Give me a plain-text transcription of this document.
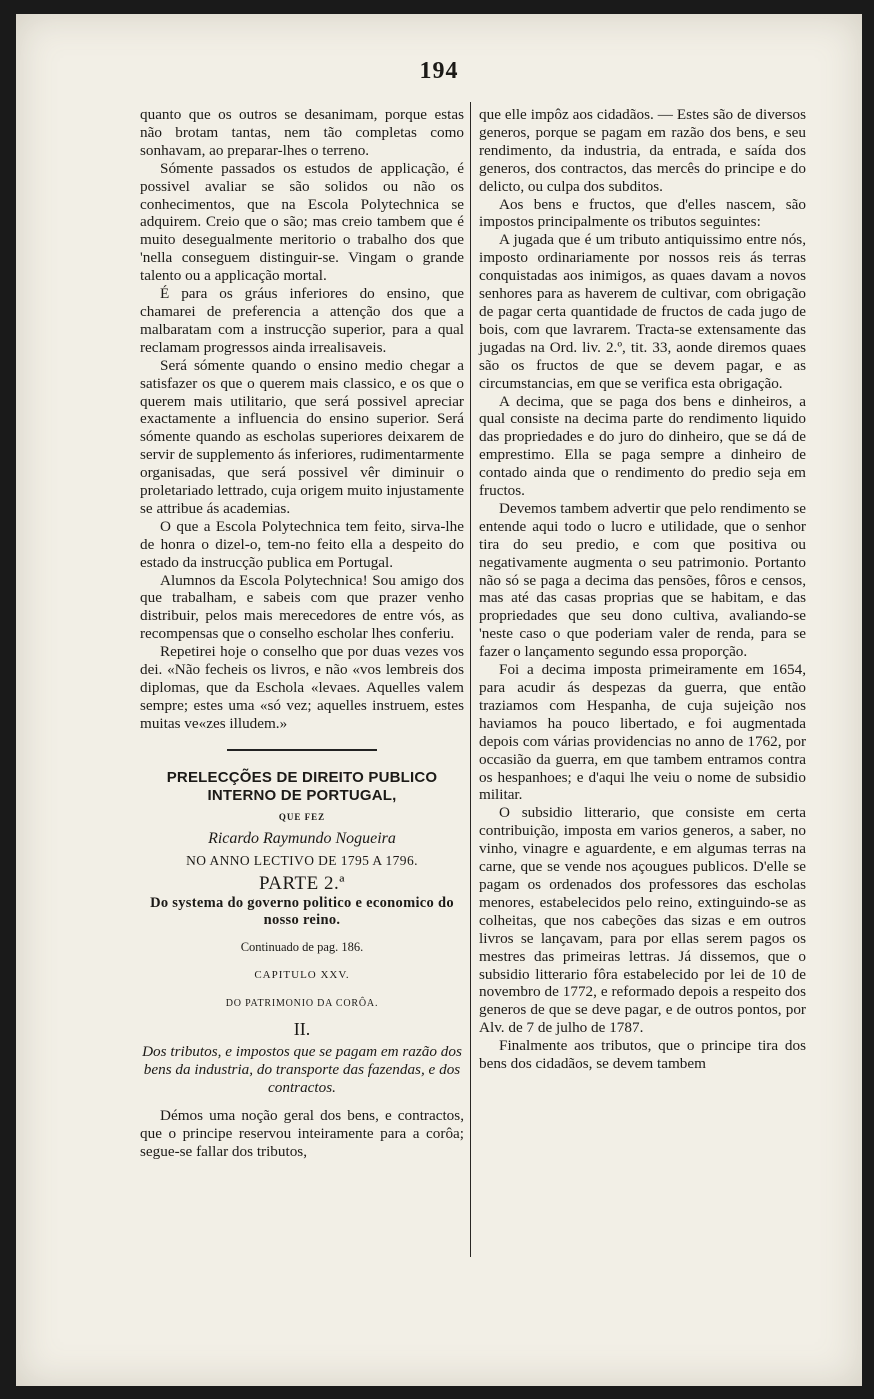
194

quanto que os outros se desanimam, porque estas não brotam tantas, nem tão completas como sonhavam, ao preparar-lhes o terreno.

Sómente passados os estudos de applicação, é possivel avaliar se são solidos ou não os conhecimentos, que na Escola Polytechnica se adquirem. Creio que o são; mas creio tambem que é muito desegualmente meritorio o trabalho dos que 'nella conseguem distinguir-se. Vingam o grande talento ou a applicação mortal.

É para os gráus inferiores do ensino, que chamarei de preferencia a attenção dos que a malbaratam com a instrucção superior, para a qual reclamam progressos ainda irrealisaveis.

Será sómente quando o ensino medio chegar a satisfazer os que o querem mais classico, e os que o querem mais utilitario, que será possivel apreciar exactamente a influencia do ensino superior. Será sómente quando as escholas superiores deixarem de servir de supplemento ás inferiores, rudimentarmente organisadas, que será possivel vêr diminuir o proletariado lettrado, cuja origem muito injustamente se attribue ás academias.

O que a Escola Polytechnica tem feito, sirva-lhe de honra o dizel-o, tem-no feito ella a despeito do estado da instrucção publica em Portugal.

Alumnos da Escola Polytechnica! Sou amigo dos que trabalham, e sabeis com que prazer venho distribuir, pelos mais merecedores de entre vós, as recompensas que o conselho escholar lhes conferiu.

Repetirei hoje o conselho que por duas vezes vos dei. «Não fecheis os livros, e não «vos lembreis dos diplomas, que da Eschola «levaes. Aquelles valem sempre; estes uma «só vez; aquelles instruem, estes muitas ve«zes illudem.»

PRELECÇÕES DE DIREITO PUBLICO INTERNO DE PORTUGAL,

QUE FEZ

Ricardo Raymundo Nogueira

NO ANNO LECTIVO DE 1795 A 1796.

PARTE 2.ª

Do systema do governo politico e economico do nosso reino.

Continuado de pag. 186.

CAPITULO XXV.

DO PATRIMONIO DA CORÔA.

II.

Dos tributos, e impostos que se pagam em razão dos bens da industria, do transporte das fazendas, e dos contractos.

Démos uma noção geral dos bens, e contractos, que o principe reservou inteiramente para a corôa; segue-se fallar dos tributos,

que elle impôz aos cidadãos. — Estes são de diversos generos, porque se pagam em razão dos bens, e seu rendimento, da industria, da entrada, e saída dos generos, dos contractos, das mercês do principe e do delicto, ou culpa dos subditos.

Aos bens e fructos, que d'elles nascem, são impostos principalmente os tributos seguintes:

A jugada que é um tributo antiquissimo entre nós, imposto ordinariamente por nossos reis ás terras conquistadas aos inimigos, as quaes davam a novos senhores para as haverem de cultivar, com obrigação de pagar certa quantidade de fructos de cada jugo de bois, com que lavrarem. Tracta-se extensamente das jugadas na Ord. liv. 2.º, tit. 33, aonde diremos quaes são os fructos de que se devem pagar, e as circumstancias, em que se verifica esta obrigação.

A decima, que se paga dos bens e dinheiros, a qual consiste na decima parte do rendimento liquido das propriedades e do juro do dinheiro, que se dá de emprestimo. Ella se paga sempre a dinheiro de contado ainda que o rendimento do predio seja em fructos.

Devemos tambem advertir que pelo rendimento se entende aqui todo o lucro e utilidade, que o senhor tira do seu predio, e com que positiva ou negativamente augmenta o seu patrimonio. Portanto não só se paga a decima das pensões, fôros e censos, mas até das casas proprias que se habitam, e das propriedades que seu dono cultiva, avaliando-se 'neste caso o que poderiam valer de renda, para se fazer o lançamento segundo essa proporção.

Foi a decima imposta primeiramente em 1654, para acudir ás despezas da guerra, que então traziamos com Hespanha, de cuja sujeição nos haviamos ha pouco libertado, e foi augmentada depois com várias providencias no anno de 1762, por occasião da guerra, em que tambem entramos contra os hespanhoes; e d'aqui lhe veiu o nome de subsidio militar.

O subsidio litterario, que consiste em certa contribuição, imposta em varios generos, a saber, no vinho, vinagre e aguardente, e em algumas terras na carne, que se vende nos açougues publicos. D'elle se pagam os ordenados dos professores das escholas menores, estabelecidos pelo reino, extinguindo-se as colheitas, que nos cabeções das sizas e em outros livros se lançavam, para por ellas serem pagos os mestres das primeiras lettras. Já dissemos, que o subsidio litterario fôra estabelecido por lei de 10 de novembro de 1772, e reformado depois a respeito dos generos de que se deve pagar, e de outros pontos, por Alv. de 7 de julho de 1787.

Finalmente aos tributos, que o principe tira dos bens dos cidadãos, se devem tambem
